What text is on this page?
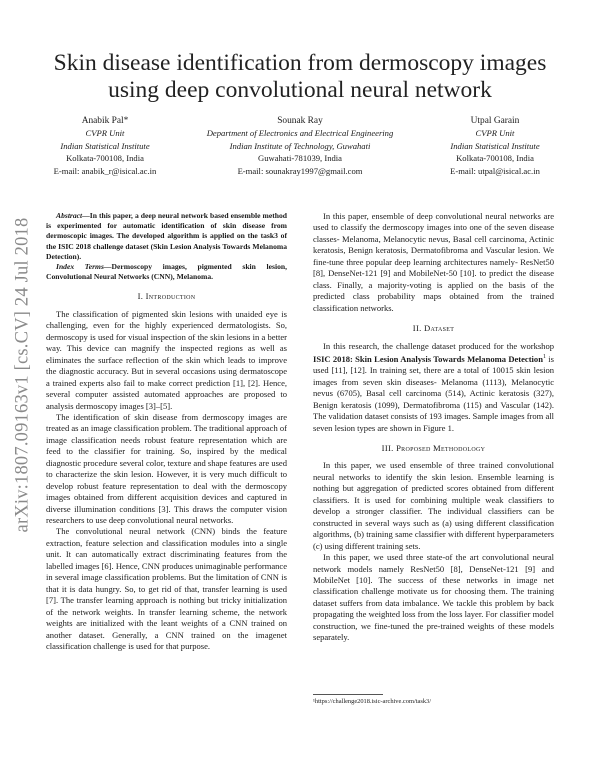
Skin disease identification from dermoscopy images using deep convolutional neural network
Anabik Pal*
CVPR Unit
Indian Statistical Institute
Kolkata-700108, India
E-mail: anabik_r@isical.ac.in
Sounak Ray
Department of Electronics and Electrical Engineering
Indian Institute of Technology, Guwahati
Guwahati-781039, India
E-mail: sounakray1997@gmail.com
Utpal Garain
CVPR Unit
Indian Statistical Institute
Kolkata-700108, India
E-mail: utpal@isical.ac.in
arXiv:1807.09163v1 [cs.CV] 24 Jul 2018

Abstract—In this paper, a deep neural network based ensemble method is experimented for automatic identification of skin disease from dermoscopic images. The developed algorithm is applied on the task3 of the ISIC 2018 challenge dataset (Skin Lesion Analysis Towards Melanoma Detection).

Index Terms—Dermoscopy images, pigmented skin lesion, Convolutional Neural Networks (CNN), Melanoma.

I. Introduction

The classification of pigmented skin lesions with unaided eye is challenging, even for the highly experienced dermatologists. So, dermoscopy is used for visual inspection of the skin lesions in a better way. This device can magnify the inspected regions as well as eliminates the surface reflection of the skin which leads to improve the diagnostic accuracy. But in several occasions using dermatoscope a trained experts also fail to make correct prediction [1], [2]. Hence, several computer assisted automated approaches are proposed to analysis dermoscopy images [3]–[5].

The identification of skin disease from dermoscopy images are treated as an image classification problem. The traditional approach of image classification needs robust feature representation which are feed to the classifier for training. So, inspired by the medical diagnostic procedure several color, texture and shape features are used to characterize the skin lesion. However, it is very much difficult to develop robust feature representation to deal with the dermoscopy images obtained from different acquisition devices and captured in diverse illumination conditions [3]. This draws the computer vision researchers to use deep convolutional neural networks.

The convolutional neural network (CNN) binds the feature extraction, feature selection and classification modules into a single unit. It can automatically extract discriminating features from the labelled images [6]. Hence, CNN produces unimaginable performance in several image classification problems. But the limitation of CNN is that it is data hungry. So, to get rid of that, transfer learning is used [7]. The transfer learning approach is nothing but tricky initialization of the network weights. In transfer learning scheme, the network weights are initialized with the leant weights of a CNN trained on another dataset. Generally, a CNN trained on the imagenet classification challenge is used for that purpose.

In this paper, ensemble of deep convolutional neural networks are used to classify the dermoscopy images into one of the seven disease classes- Melanoma, Melanocytic nevus, Basal cell carcinoma, Actinic keratosis, Benign keratosis, Dermatofibroma and Vascular lesion. We fine-tune three popular deep learning architectures namely- ResNet50 [8], DenseNet-121 [9] and MobileNet-50 [10]. to predict the disease class. Finally, a majority-voting is applied on the basis of the predicted class probability maps obtained from the trained classification networks.

II. Dataset

In this research, the challenge dataset produced for the workshop ISIC 2018: Skin Lesion Analysis Towards Melanoma Detection$^1$ is used [11], [12]. In training set, there are a total of 10015 skin lesion images from seven skin diseases- Melanoma (1113), Melanocytic nevus (6705), Basal cell carcinoma (514), Actinic keratosis (327), Benign keratosis (1099), Dermatofibroma (115) and Vascular (142). The validation dataset consists of 193 images. Sample images from all seven lesion types are shown in Figure 1.

III. Proposed Methodology

In this paper, we used ensemble of three trained convolutional neural networks to identify the skin lesion. Ensemble learning is nothing but aggregation of predicted scores obtained from different classifiers. It is used for combining multiple weak classifiers to develop a stronger classifier. The individual classifiers can be constructed in several ways such as (a) using different classification algorithms, (b) training same classifier with different hyperparameters (c) using different training sets.

In this paper, we used three state-of the art convolutional neural network models namely ResNet50 [8], DenseNet-121 [9] and MobileNet [10]. The success of these networks in image net classification challenge motivate us for choosing them. The training dataset suffers from data imbalance. We tackle this problem by back propagating the weighted loss from the loss layer. For classifier model construction, we fine-tuned the pre-trained weights of these models separately.

¹https://challenge2018.isic-archive.com/task3/
